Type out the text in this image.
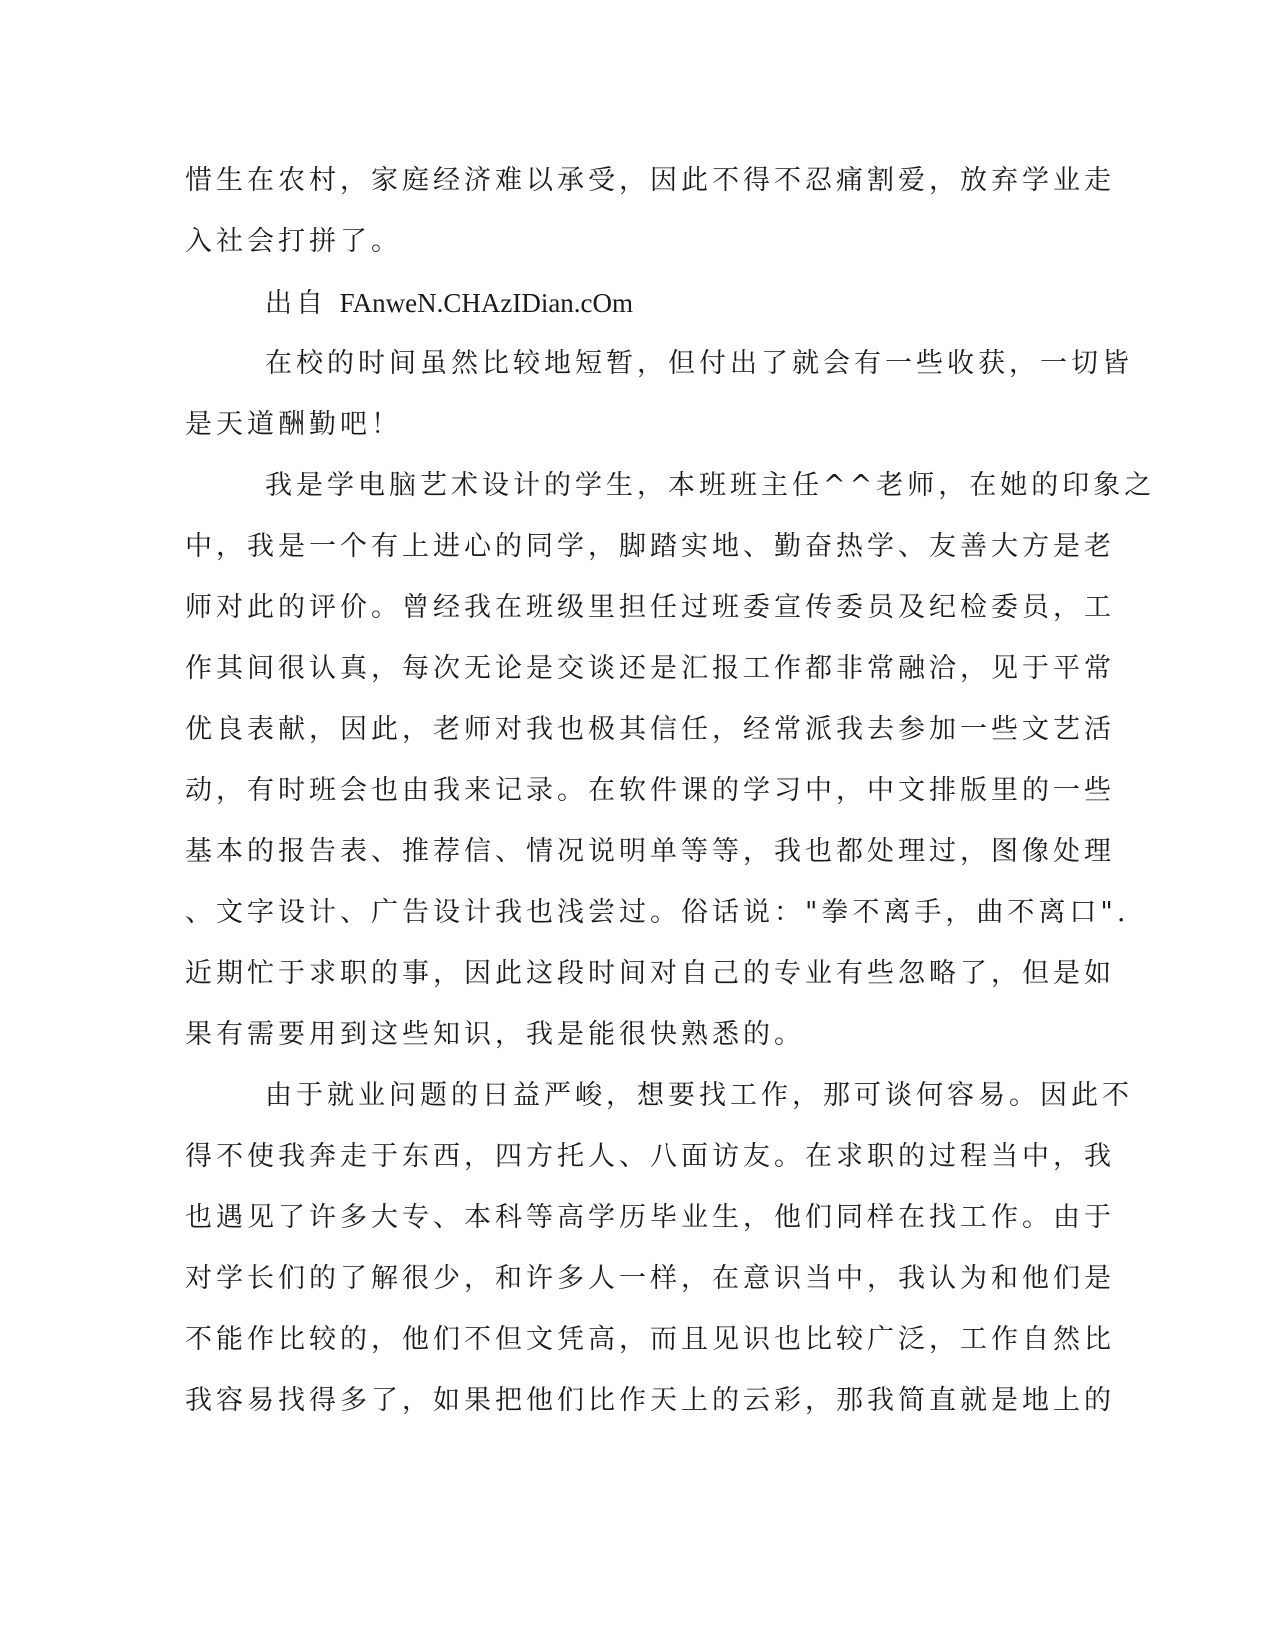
惜生在农村，家庭经济难以承受，因此不得不忍痛割爱，放弃学业走
入社会打拼了。
出自 FAnweN.CHAzIDian.cOm
在校的时间虽然比较地短暂，但付出了就会有一些收获，一切皆
是天道酬勤吧！
我是学电脑艺术设计的学生，本班班主任^^老师，在她的印象之
中，我是一个有上进心的同学，脚踏实地、勤奋热学、友善大方是老
师对此的评价。曾经我在班级里担任过班委宣传委员及纪检委员，工
作其间很认真，每次无论是交谈还是汇报工作都非常融洽，见于平常
优良表献，因此，老师对我也极其信任，经常派我去参加一些文艺活
动，有时班会也由我来记录。在软件课的学习中，中文排版里的一些
基本的报告表、推荐信、情况说明单等等，我也都处理过，图像处理
、文字设计、广告设计我也浅尝过。俗话说："拳不离手，曲不离口".
近期忙于求职的事，因此这段时间对自己的专业有些忽略了，但是如
果有需要用到这些知识，我是能很快熟悉的。
由于就业问题的日益严峻，想要找工作，那可谈何容易。因此不
得不使我奔走于东西，四方托人、八面访友。在求职的过程当中，我
也遇见了许多大专、本科等高学历毕业生，他们同样在找工作。由于
对学长们的了解很少，和许多人一样，在意识当中，我认为和他们是
不能作比较的，他们不但文凭高，而且见识也比较广泛，工作自然比
我容易找得多了，如果把他们比作天上的云彩，那我简直就是地上的
